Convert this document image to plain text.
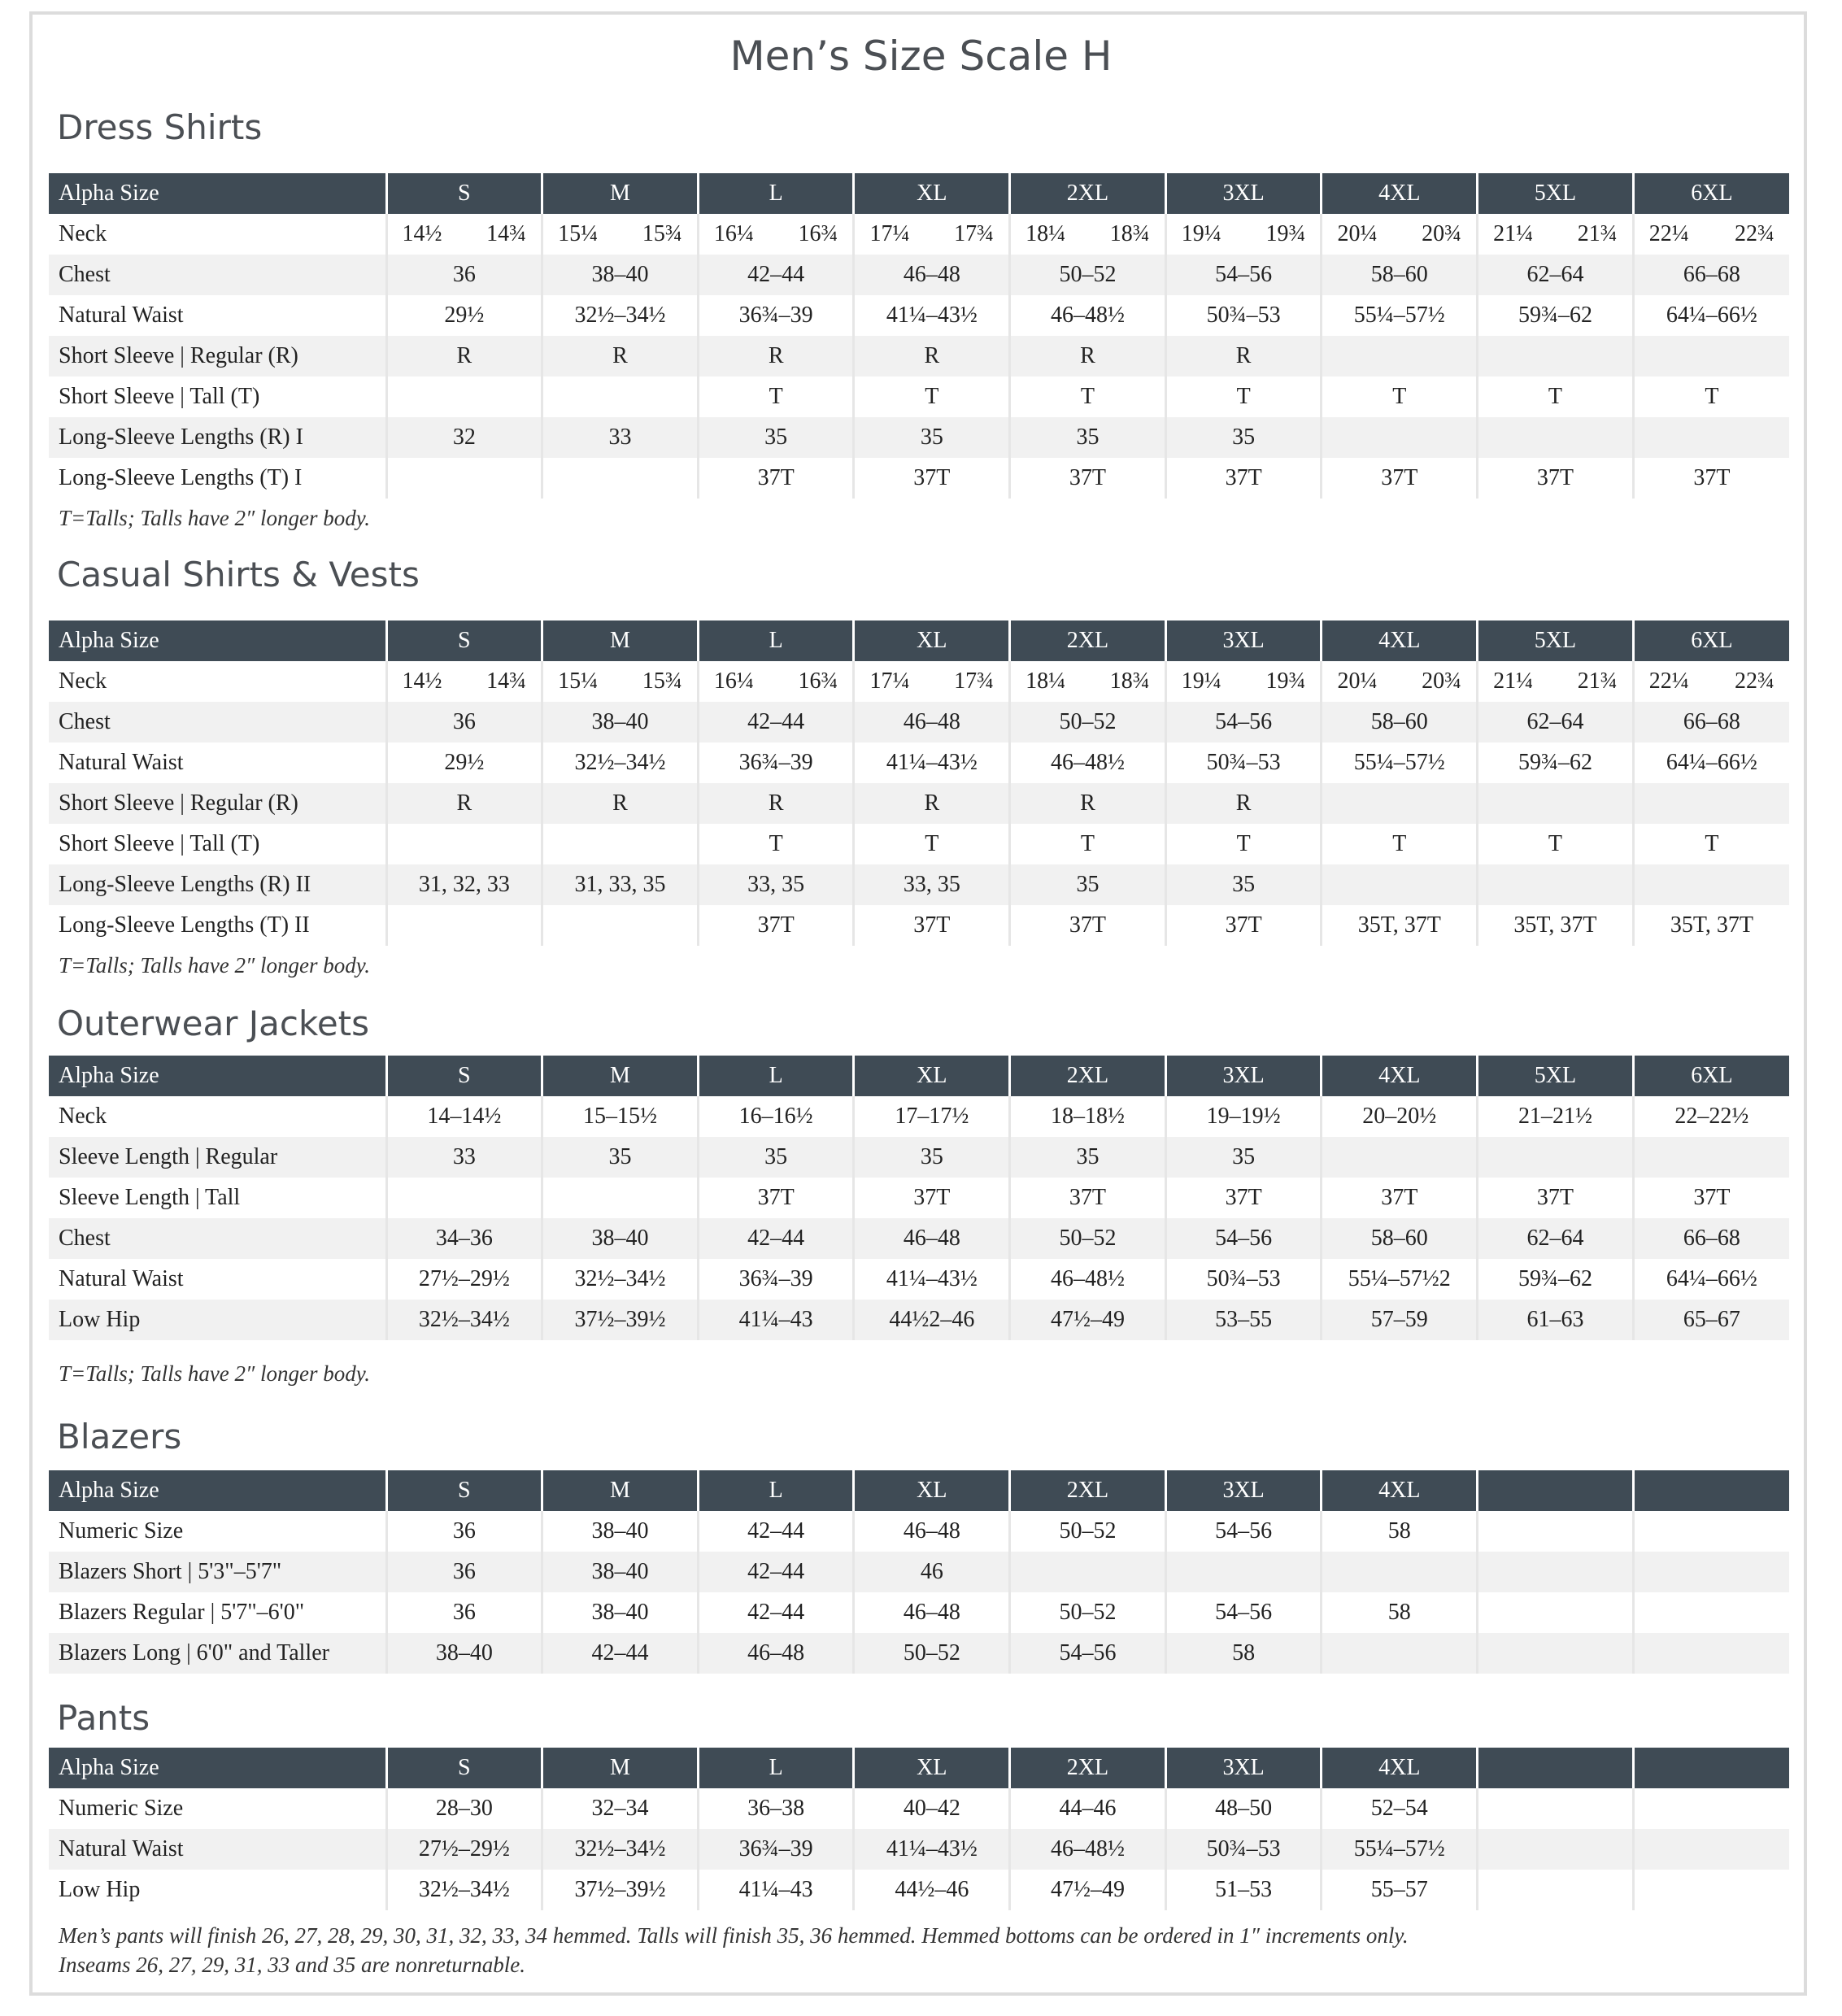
Men’s Size Scale H
Dress Shirts
Alpha Size	S	M	L	XL	2XL	3XL	4XL	5XL	6XL
Neck	14½ 14¾	15¼ 15¾	16¼ 16¾	17¼ 17¾	18¼ 18¾	19¼ 19¾	20¼ 20¾	21¼ 21¾	22¼ 22¾

Chest	36	38–40	42–44	46–48	50–52	54–56	58–60	62–64	66–68
Natural Waist	29½	32½–34½	36¾–39	41¼–43½	46–48½	50¾–53	55¼–57½	59¾–62	64¼–66½
Short Sleeve | Regular (R)	R	R	R	R	R	R			
Short Sleeve | Tall (T)			T	T	T	T	T	T	T
Long-Sleeve Lengths (R) I	32	33	35	35	35	35			
Long-Sleeve Lengths (T) I			37T	37T	37T	37T	37T	37T	37T

T=Talls; Talls have 2″ longer body.

Casual Shirts & Vests
Alpha Size	S	M	L	XL	2XL	3XL	4XL	5XL	6XL
Neck	14½ 14¾	15¼ 15¾	16¼ 16¾	17¼ 17¾	18¼ 18¾	19¼ 19¾	20¼ 20¾	21¼ 21¾	22¼ 22¾

Chest	36	38–40	42–44	46–48	50–52	54–56	58–60	62–64	66–68
Natural Waist	29½	32½–34½	36¾–39	41¼–43½	46–48½	50¾–53	55¼–57½	59¾–62	64¼–66½
Short Sleeve | Regular (R)	R	R	R	R	R	R			
Short Sleeve | Tall (T)			T	T	T	T	T	T	T
Long-Sleeve Lengths (R) II	31, 32, 33	31, 33, 35	33, 35	33, 35	35	35			
Long-Sleeve Lengths (T) II			37T	37T	37T	37T	35T, 37T	35T, 37T	35T, 37T

T=Talls; Talls have 2″ longer body.

Outerwear Jackets
Alpha Size	S	M	L	XL	2XL	3XL	4XL	5XL	6XL
Neck	14–14½	15–15½	16–16½	17–17½	18–18½	19–19½	20–20½	21–21½	22–22½
Sleeve Length | Regular	33	35	35	35	35	35			
Sleeve Length | Tall			37T	37T	37T	37T	37T	37T	37T
Chest	34–36	38–40	42–44	46–48	50–52	54–56	58–60	62–64	66–68
Natural Waist	27½–29½	32½–34½	36¾–39	41¼–43½	46–48½	50¾–53	55¼–57½2	59¾–62	64¼–66½
Low Hip	32½–34½	37½–39½	41¼–43	44½2–46	47½–49	53–55	57–59	61–63	65–67

T=Talls; Talls have 2″ longer body.

Blazers
Alpha Size	S	M	L	XL	2XL	3XL	4XL		
Numeric Size	36	38–40	42–44	46–48	50–52	54–56	58		
Blazers Short | 5'3"–5'7"	36	38–40	42–44	46					
Blazers Regular | 5'7"–6'0"	36	38–40	42–44	46–48	50–52	54–56	58		
Blazers Long | 6'0" and Taller	38–40	42–44	46–48	50–52	54–56	58			
Pants
Alpha Size	S	M	L	XL	2XL	3XL	4XL		
Numeric Size	28–30	32–34	36–38	40–42	44–46	48–50	52–54		
Natural Waist	27½–29½	32½–34½	36¾–39	41¼–43½	46–48½	50¾–53	55¼–57½		
Low Hip	32½–34½	37½–39½	41¼–43	44½–46	47½–49	51–53	55–57		

Men’s pants will finish 26, 27, 28, 29, 30, 31, 32, 33, 34 hemmed. Talls will finish 35, 36 hemmed. Hemmed bottoms can be ordered in 1″ increments only.

Inseams 26, 27, 29, 31, 33 and 35 are nonreturnable.
